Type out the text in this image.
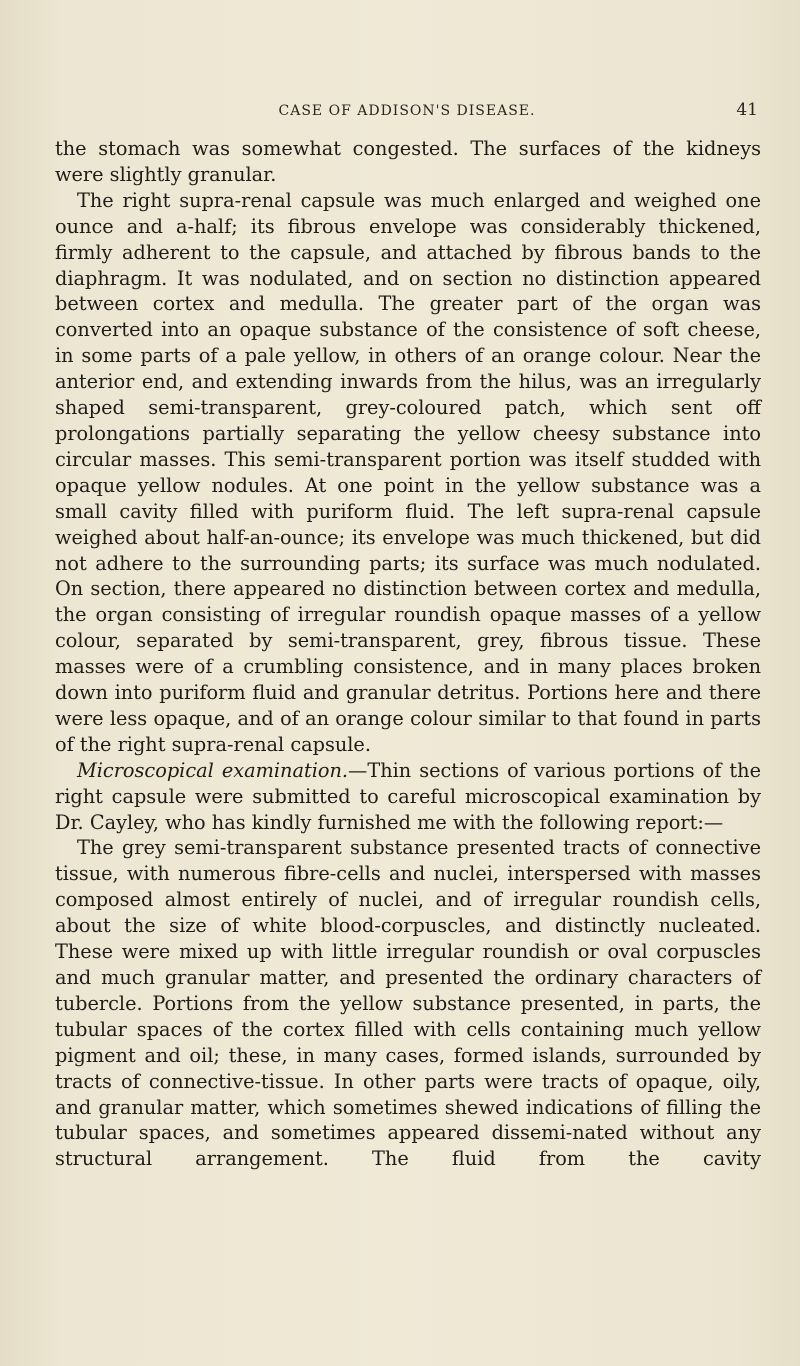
CASE OF ADDISON'S DISEASE.	41

the stomach was somewhat congested. The surfaces of the kidneys were slightly granular.

The right supra-renal capsule was much enlarged and weighed one ounce and a-half; its fibrous envelope was considerably thickened, firmly adherent to the capsule, and attached by fibrous bands to the diaphragm. It was nodulated, and on section no distinction appeared between cortex and medulla. The greater part of the organ was converted into an opaque substance of the consistence of soft cheese, in some parts of a pale yellow, in others of an orange colour. Near the anterior end, and extending inwards from the hilus, was an irregularly shaped semi-transparent, grey-coloured patch, which sent off prolongations partially separating the yellow cheesy substance into circular masses. This semi-transparent portion was itself studded with opaque yellow nodules. At one point in the yellow substance was a small cavity filled with puriform fluid. The left supra-renal capsule weighed about half-an-ounce; its envelope was much thickened, but did not adhere to the surrounding parts; its surface was much nodulated. On section, there appeared no distinction between cortex and medulla, the organ consisting of irregular roundish opaque masses of a yellow colour, separated by semi-transparent, grey, fibrous tissue. These masses were of a crumbling consistence, and in many places broken down into puriform fluid and granular detritus. Portions here and there were less opaque, and of an orange colour similar to that found in parts of the right supra-renal capsule.

Microscopical examination.—Thin sections of various portions of the right capsule were submitted to careful microscopical examination by Dr. Cayley, who has kindly furnished me with the following report:—

The grey semi-transparent substance presented tracts of connective tissue, with numerous fibre-cells and nuclei, interspersed with masses composed almost entirely of nuclei, and of irregular roundish cells, about the size of white blood-corpuscles, and distinctly nucleated. These were mixed up with little irregular roundish or oval corpuscles and much granular matter, and presented the ordinary characters of tubercle. Portions from the yellow substance presented, in parts, the tubular spaces of the cortex filled with cells containing much yellow pigment and oil; these, in many cases, formed islands, surrounded by tracts of connective-tissue. In other parts were tracts of opaque, oily, and granular matter, which sometimes shewed indications of filling the tubular spaces, and sometimes appeared dissemi-nated without any structural arrangement. The fluid from the cavity
